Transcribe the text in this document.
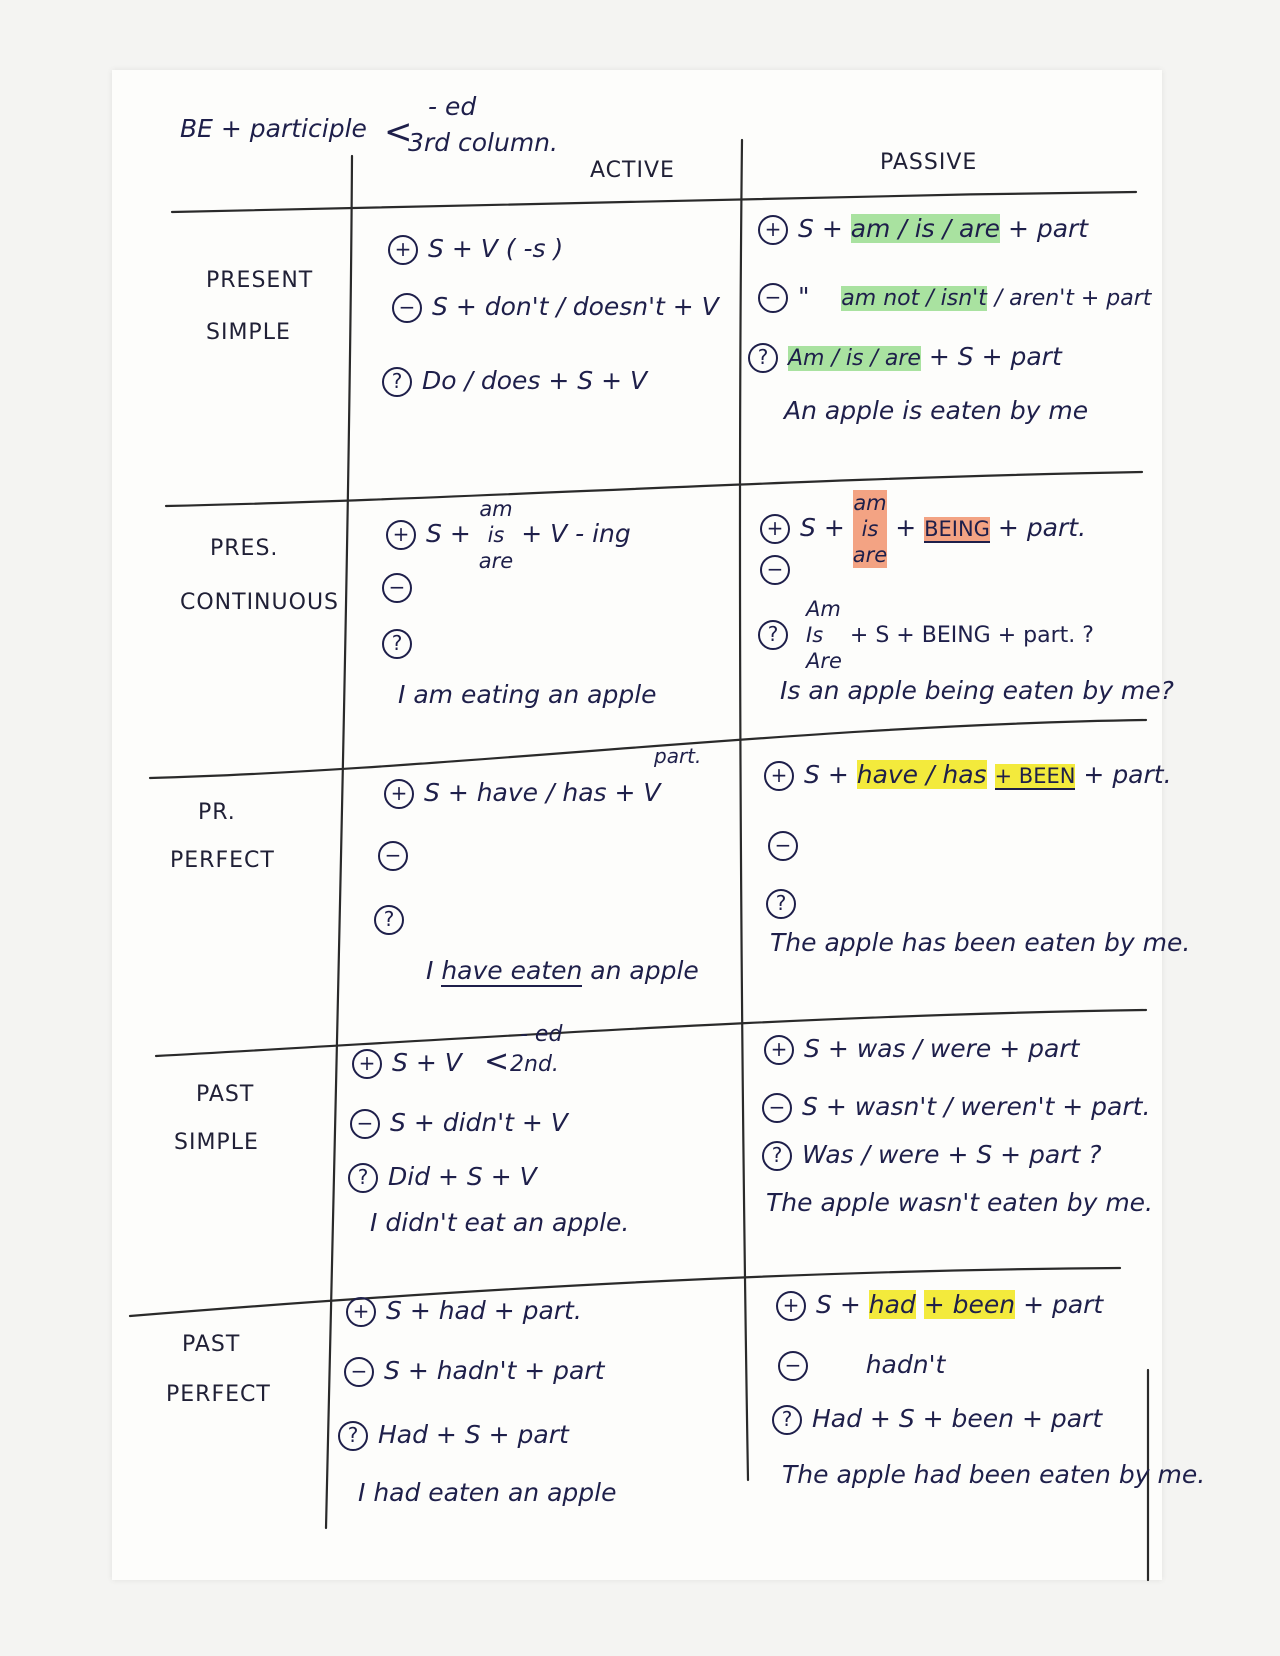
BE + participle <
- ed
3rd column.
ACTIVE	PASSIVE
PRESENT
SIMPLE
+ S + V ( -s )
− S + don't / doesn't + V
? Do / does + S + V
+ S + am / is / are + part
− " am not / isn't / aren't + part
? Am / is / are + S + part
An apple is eaten by me
PRES.
CONTINUOUS
+ S +
am
is
are
+ V - ing
−
?
I am eating an apple
+ S +
am
is
are
+ BEING + part.
−
?
Am
Is
Are
+ S + BEING + part. ?
Is an apple being eaten by me?
PR.
PERFECT
part.
+ S + have / has + V
−
?
I have eaten an apple
+ S + have / has + BEEN + part.
−
?
The apple has been eaten by me.
PAST
SIMPLE
+ S + V <
- ed
2nd.
− S + didn't + V
? Did + S + V
I didn't eat an apple.
+ S + was / were + part
− S + wasn't / weren't + part.
? Was / were + S + part ?
The apple wasn't eaten by me.
PAST
PERFECT
+ S + had + part.
− S + hadn't + part
? Had + S + part
I had eaten an apple
+ S + had + been + part
−	hadn't
? Had + S + been + part
The apple had been eaten by me.
